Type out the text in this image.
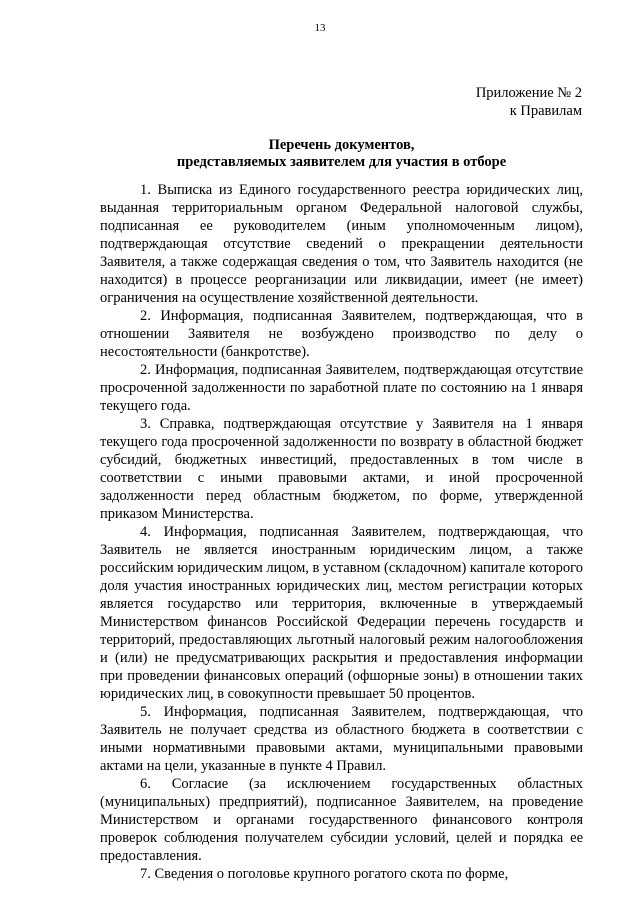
13
Приложение № 2
к Правилам
Перечень документов,
представляемых заявителем для участия в отборе

1. Выписка из Единого государственного реестра юридических лиц, выданная территориальным органом Федеральной налоговой службы, подписанная ее руководителем (иным уполномоченным лицом), подтверждающая отсутствие сведений о прекращении деятельности Заявителя, а также содержащая сведения о том, что Заявитель находится (не находится) в процессе реорганизации или ликвидации, имеет (не имеет) ограничения на осуществление хозяйственной деятельности.

2. Информация, подписанная Заявителем, подтверждающая, что в отношении Заявителя не возбуждено производство по делу о несостоятельности (банкротстве).

2. Информация, подписанная Заявителем, подтверждающая отсутствие просроченной задолженности по заработной плате по состоянию на 1 января текущего года.

3. Справка, подтверждающая отсутствие у Заявителя на 1 января текущего года просроченной задолженности по возврату в областной бюджет субсидий, бюджетных инвестиций, предоставленных в том числе в соответствии с иными правовыми актами, и иной просроченной задолженности перед областным бюджетом, по форме, утвержденной приказом Министерства.

4. Информация, подписанная Заявителем, подтверждающая, что Заявитель не является иностранным юридическим лицом, а также российским юридическим лицом, в уставном (складочном) капитале которого доля участия иностранных юридических лиц, местом регистрации которых является государство или территория, включенные в утверждаемый Министерством финансов Российской Федерации перечень государств и территорий, предоставляющих льготный налоговый режим налогообложения и (или) не предусматривающих раскрытия и предоставления информации при проведении финансовых операций (офшорные зоны) в отношении таких юридических лиц, в совокупности превышает 50 процентов.

5. Информация, подписанная Заявителем, подтверждающая, что Заявитель не получает средства из областного бюджета в соответствии с иными нормативными правовыми актами, муниципальными правовыми актами на цели, указанные в пункте 4 Правил.

6. Согласие (за исключением государственных областных (муниципальных) предприятий), подписанное Заявителем, на проведение Министерством и органами государственного финансового контроля проверок соблюдения получателем субсидии условий, целей и порядка ее предоставления.

7. Сведения о поголовье крупного рогатого скота по форме,
